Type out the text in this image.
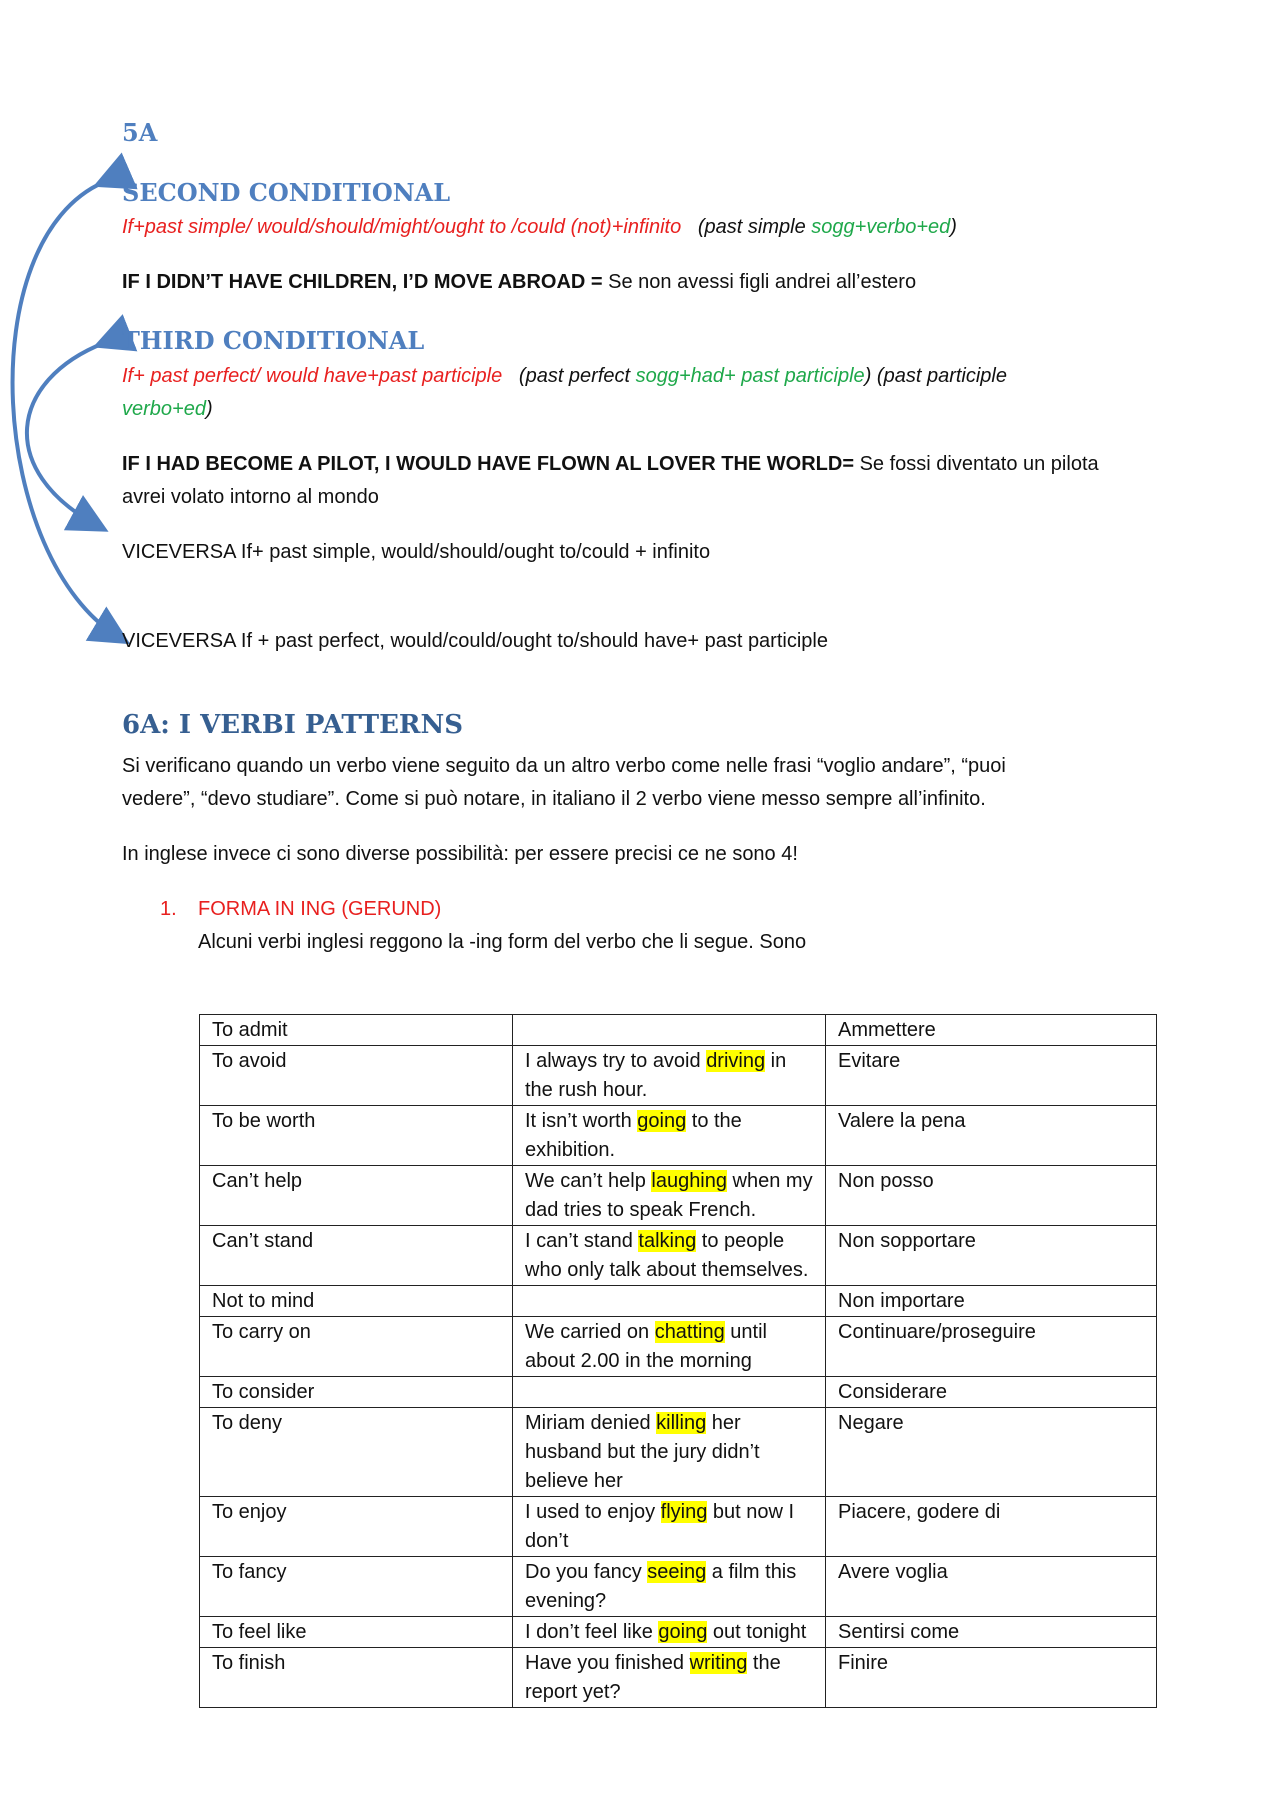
5A
SECOND CONDITIONAL

If+past simple/ would/should/might/ought to /could (not)+infinito (past simple sogg+verbo+ed)

IF I DIDN’T HAVE CHILDREN, I’D MOVE ABROAD = Se non avessi figli andrei all’estero

THIRD CONDITIONAL

If+ past perfect/ would have+past participle (past perfect sogg+had+ past participle) (past participle

verbo+ed)

IF I HAD BECOME A PILOT, I WOULD HAVE FLOWN AL LOVER THE WORLD= Se fossi diventato un pilota

avrei volato intorno al mondo

VICEVERSA If+ past simple, would/should/ought to/could + infinito

VICEVERSA If + past perfect, would/could/ought to/should have+ past participle

6A: I VERBI PATTERNS

Si verificano quando un verbo viene seguito da un altro verbo come nelle frasi “voglio andare”, “puoi

vedere”, “devo studiare”. Come si può notare, in italiano il 2 verbo viene messo sempre all’infinito.

In inglese invece ci sono diverse possibilità: per essere precisi ce ne sono 4!

1. FORMA IN ING (GERUND)

Alcuni verbi inglesi reggono la -ing form del verbo che li segue. Sono

To admit		Ammettere
To avoid	I always try to avoid driving in the rush hour.	Evitare
To be worth	It isn’t worth going to the exhibition.	Valere la pena
Can’t help	We can’t help laughing when my dad tries to speak French.	Non posso
Can’t stand	I can’t stand talking to people who only talk about themselves.	Non sopportare
Not to mind		Non importare
To carry on	We carried on chatting until about 2.00 in the morning	Continuare/proseguire
To consider		Considerare
To deny	Miriam denied killing her husband but the jury didn’t believe her	Negare
To enjoy	I used to enjoy flying but now I don’t	Piacere, godere di
To fancy	Do you fancy seeing a film this evening?	Avere voglia
To feel like	I don’t feel like going out tonight	Sentirsi come
To finish	Have you finished writing the report yet?	Finire
